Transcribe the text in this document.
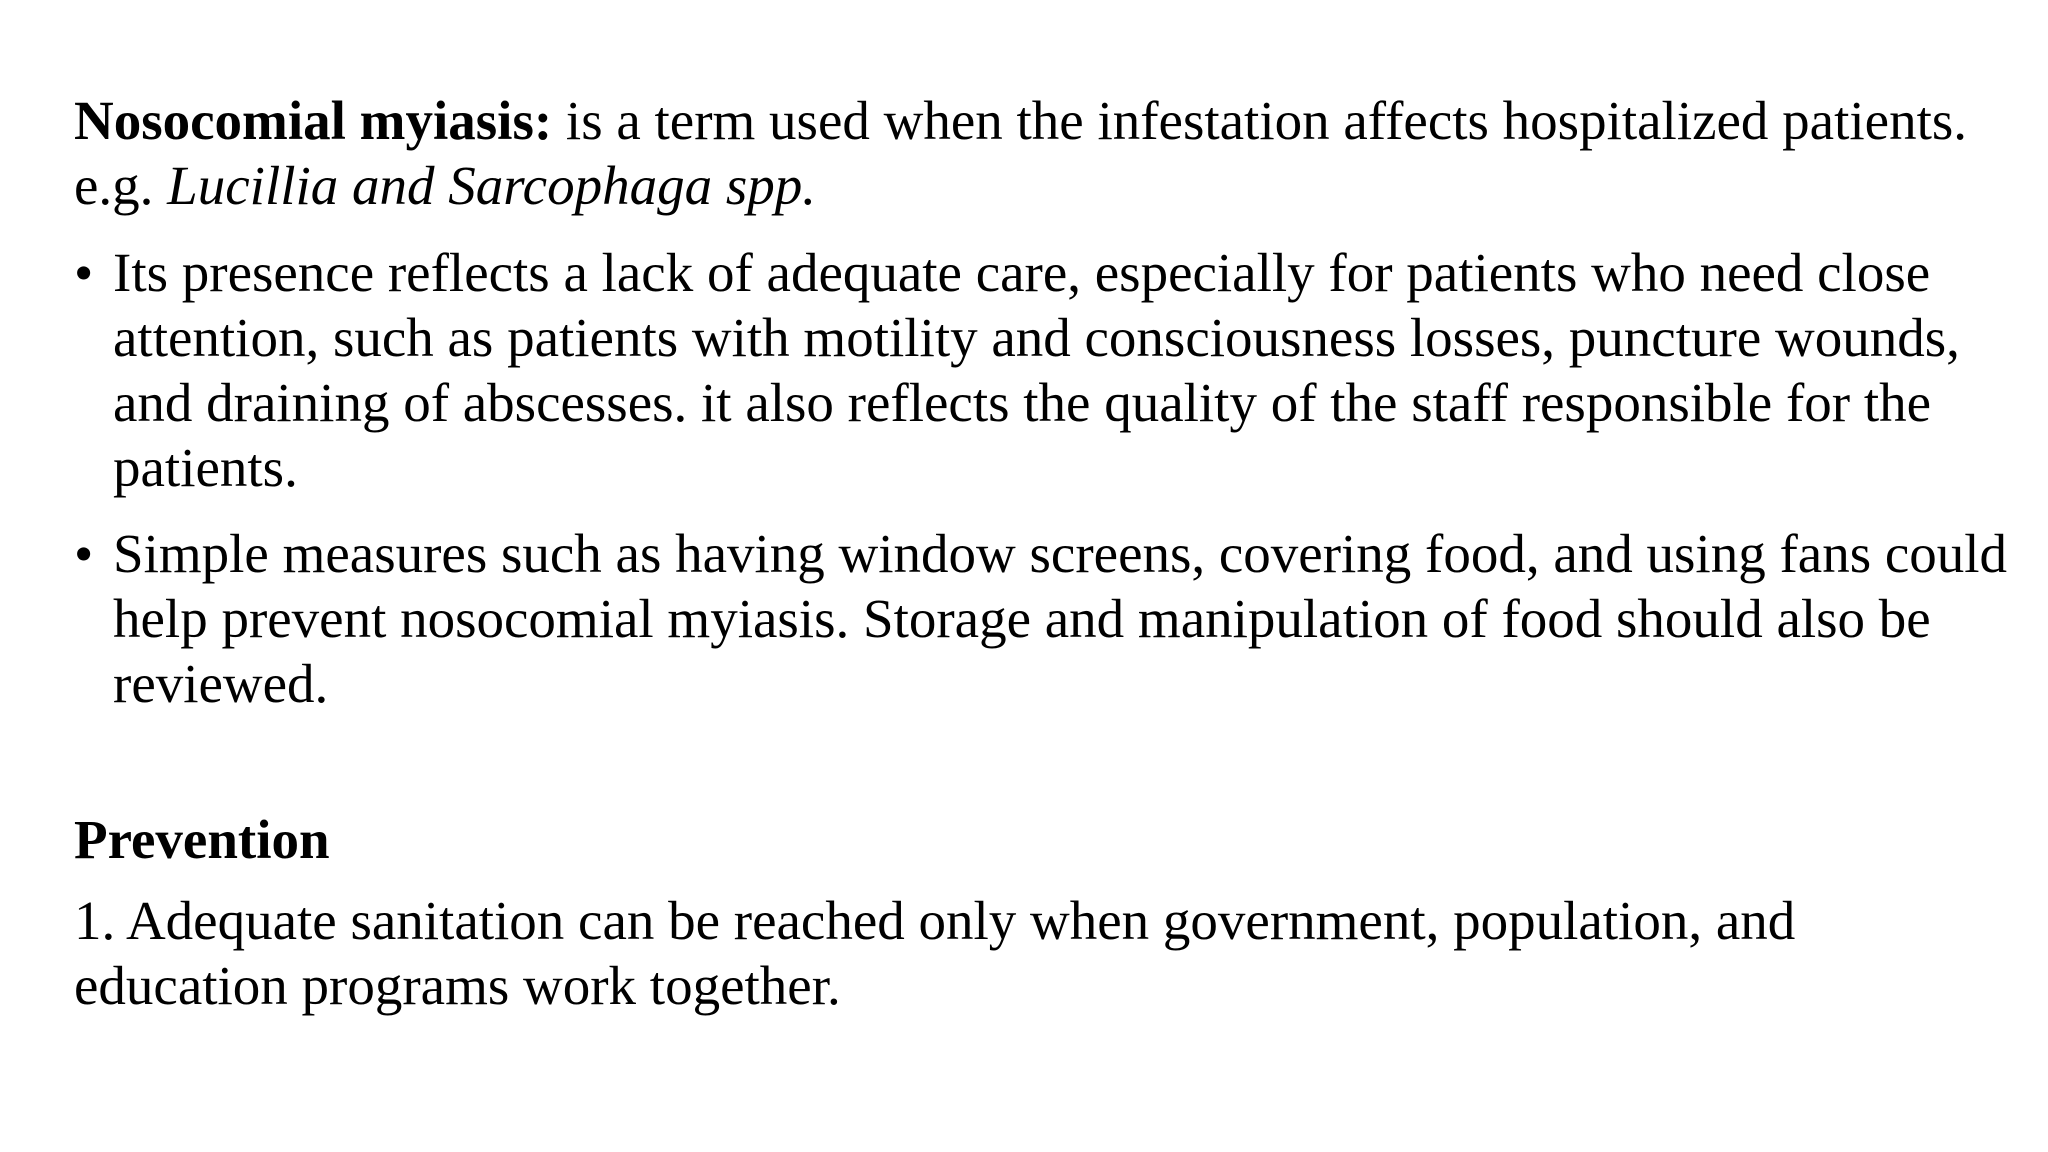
Nosocomial myiasis: is a term used when the infestation affects hospitalized patients. e.g. Lucillia and Sarcophaga spp.

• Its presence reflects a lack of adequate care, especially for patients who need close attention, such as patients with motility and consciousness losses, puncture wounds, and draining of abscesses. it also reflects the quality of the staff responsible for the patients.
• Simple measures such as having window screens, covering food, and using fans could help prevent nosocomial myiasis. Storage and manipulation of food should also be reviewed.
Prevention

1. Adequate sanitation can be reached only when government, population, and education programs work together.
